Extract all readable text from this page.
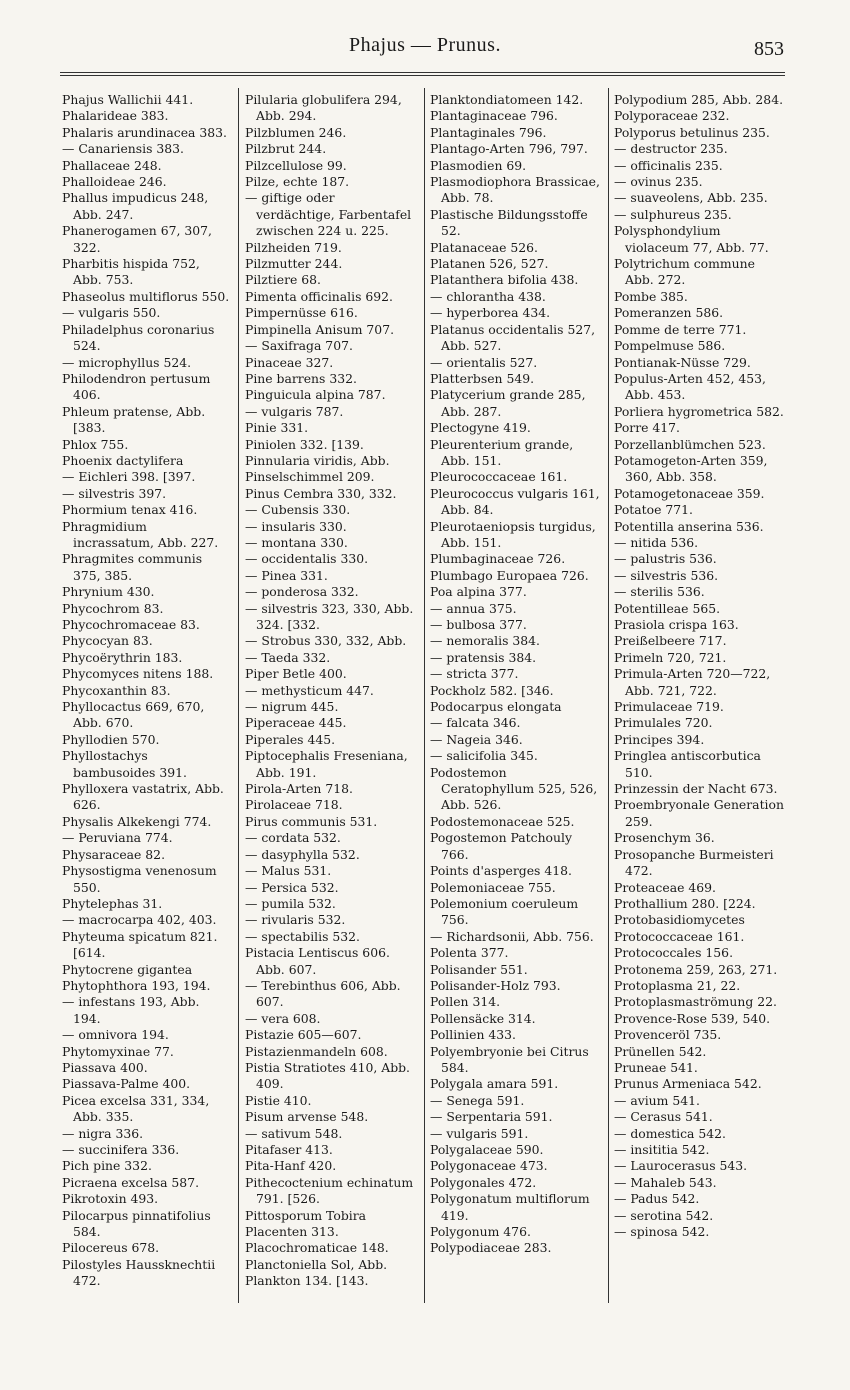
Phajus — Prunus.	853

Phajus Wallichii 441.

Phalarideae 383.

Phalaris arundinacea 383.

— Canariensis 383.

Phallaceae 248.

Phalloideae 246.

Phallus impudicus 248, Abb. 247.

Phanerogamen 67, 307, 322.

Pharbitis hispida 752, Abb. 753.

Phaseolus multiflorus 550.

— vulgaris 550.

Philadelphus coronarius 524.

— microphyllus 524.

Philodendron pertusum 406.

Phleum pratense, Abb. [383.

Phlox 755.

Phoenix dactylifera

— Eichleri 398. [397.

— silvestris 397.

Phormium tenax 416.

Phragmidium incrassatum, Abb. 227.

Phragmites communis 375, 385.

Phrynium 430.

Phycochrom 83.

Phycochromaceae 83.

Phycocyan 83.

Phycoërythrin 183.

Phycomyces nitens 188.

Phycoxanthin 83.

Phyllocactus 669, 670, Abb. 670.

Phyllodien 570.

Phyllostachys bambusoides 391.

Phylloxera vastatrix, Abb. 626.

Physalis Alkekengi 774.

— Peruviana 774.

Physaraceae 82.

Physostigma venenosum 550.

Phytelephas 31.

— macrocarpa 402, 403.

Phyteuma spicatum 821. [614.

Phytocrene gigantea

Phytophthora 193, 194.

— infestans 193, Abb. 194.

— omnivora 194.

Phytomyxinae 77.

Piassava 400.

Piassava-Palme 400.

Picea excelsa 331, 334, Abb. 335.

— nigra 336.

— succinifera 336.

Pich pine 332.

Picraena excelsa 587.

Pikrotoxin 493.

Pilocarpus pinnatifolius 584.

Pilocereus 678.

Pilostyles Haussknechtii 472.

Pilularia globulifera 294, Abb. 294.

Pilzblumen 246.

Pilzbrut 244.

Pilzcellulose 99.

Pilze, echte 187.

— giftige oder verdächtige, Farbentafel zwischen 224 u. 225.

Pilzheiden 719.

Pilzmutter 244.

Pilztiere 68.

Pimenta officinalis 692.

Pimpernüsse 616.

Pimpinella Anisum 707.

— Saxifraga 707.

Pinaceae 327.

Pine barrens 332.

Pinguicula alpina 787.

— vulgaris 787.

Pinie 331.

Piniolen 332. [139.

Pinnularia viridis, Abb.

Pinselschimmel 209.

Pinus Cembra 330, 332.

— Cubensis 330.

— insularis 330.

— montana 330.

— occidentalis 330.

— Pinea 331.

— ponderosa 332.

— silvestris 323, 330, Abb. 324. [332.

— Strobus 330, 332, Abb.

— Taeda 332.

Piper Betle 400.

— methysticum 447.

— nigrum 445.

Piperaceae 445.

Piperales 445.

Piptocephalis Freseniana, Abb. 191.

Pirola-Arten 718.

Pirolaceae 718.

Pirus communis 531.

— cordata 532.

— dasyphylla 532.

— Malus 531.

— Persica 532.

— pumila 532.

— rivularis 532.

— spectabilis 532.

Pistacia Lentiscus 606. Abb. 607.

— Terebinthus 606, Abb. 607.

— vera 608.

Pistazie 605—607.

Pistazienmandeln 608.

Pistia Stratiotes 410, Abb. 409.

Pistie 410.

Pisum arvense 548.

— sativum 548.

Pitafaser 413.

Pita-Hanf 420.

Pithecoctenium echinatum 791. [526.

Pittosporum Tobira

Placenten 313.

Placochromaticae 148.

Planctoniella Sol, Abb.

Plankton 134. [143.

Planktondiatomeen 142.

Plantaginaceae 796.

Plantaginales 796.

Plantago-Arten 796, 797.

Plasmodien 69.

Plasmodiophora Brassicae, Abb. 78.

Plastische Bildungsstoffe 52.

Platanaceae 526.

Platanen 526, 527.

Platanthera bifolia 438.

— chlorantha 438.

— hyperborea 434.

Platanus occidentalis 527, Abb. 527.

— orientalis 527.

Platterbsen 549.

Platycerium grande 285, Abb. 287.

Plectogyne 419.

Pleurenterium grande, Abb. 151.

Pleurococcaceae 161.

Pleurococcus vulgaris 161, Abb. 84.

Pleurotaeniopsis turgidus, Abb. 151.

Plumbaginaceae 726.

Plumbago Europaea 726.

Poa alpina 377.

— annua 375.

— bulbosa 377.

— nemoralis 384.

— pratensis 384.

— stricta 377.

Pockholz 582. [346.

Podocarpus elongata

— falcata 346.

— Nageia 346.

— salicifolia 345.

Podostemon Ceratophyllum 525, 526, Abb. 526.

Podostemonaceae 525.

Pogostemon Patchouly 766.

Points d'asperges 418.

Polemoniaceae 755.

Polemonium coeruleum 756.

— Richardsonii, Abb. 756.

Polenta 377.

Polisander 551.

Polisander-Holz 793.

Pollen 314.

Pollensäcke 314.

Pollinien 433.

Polyembryonie bei Citrus 584.

Polygala amara 591.

— Senega 591.

— Serpentaria 591.

— vulgaris 591.

Polygalaceae 590.

Polygonaceae 473.

Polygonales 472.

Polygonatum multiflorum 419.

Polygonum 476.

Polypodiaceae 283.

Polypodium 285, Abb. 284.

Polyporaceae 232.

Polyporus betulinus 235.

— destructor 235.

— officinalis 235.

— ovinus 235.

— suaveolens, Abb. 235.

— sulphureus 235.

Polysphondylium violaceum 77, Abb. 77.

Polytrichum commune Abb. 272.

Pombe 385.

Pomeranzen 586.

Pomme de terre 771.

Pompelmuse 586.

Pontianak-Nüsse 729.

Populus-Arten 452, 453, Abb. 453.

Porliera hygrometrica 582.

Porre 417.

Porzellanblümchen 523.

Potamogeton-Arten 359, 360, Abb. 358.

Potamogetonaceae 359.

Potatoe 771.

Potentilla anserina 536.

— nitida 536.

— palustris 536.

— silvestris 536.

— sterilis 536.

Potentilleae 565.

Prasiola crispa 163.

Preißelbeere 717.

Primeln 720, 721.

Primula-Arten 720—722, Abb. 721, 722.

Primulaceae 719.

Primulales 720.

Principes 394.

Pringlea antiscorbutica 510.

Prinzessin der Nacht 673.

Proembryonale Generation 259.

Prosenchym 36.

Prosopanche Burmeisteri 472.

Proteaceae 469.

Prothallium 280. [224.

Protobasidiomycetes

Protococcaceae 161.

Protococcales 156.

Protonema 259, 263, 271.

Protoplasma 21, 22.

Protoplasmaströmung 22.

Provence-Rose 539, 540.

Provenceröl 735.

Prünellen 542.

Pruneae 541.

Prunus Armeniaca 542.

— avium 541.

— Cerasus 541.

— domestica 542.

— insititia 542.

— Laurocerasus 543.

— Mahaleb 543.

— Padus 542.

— serotina 542.

— spinosa 542.
